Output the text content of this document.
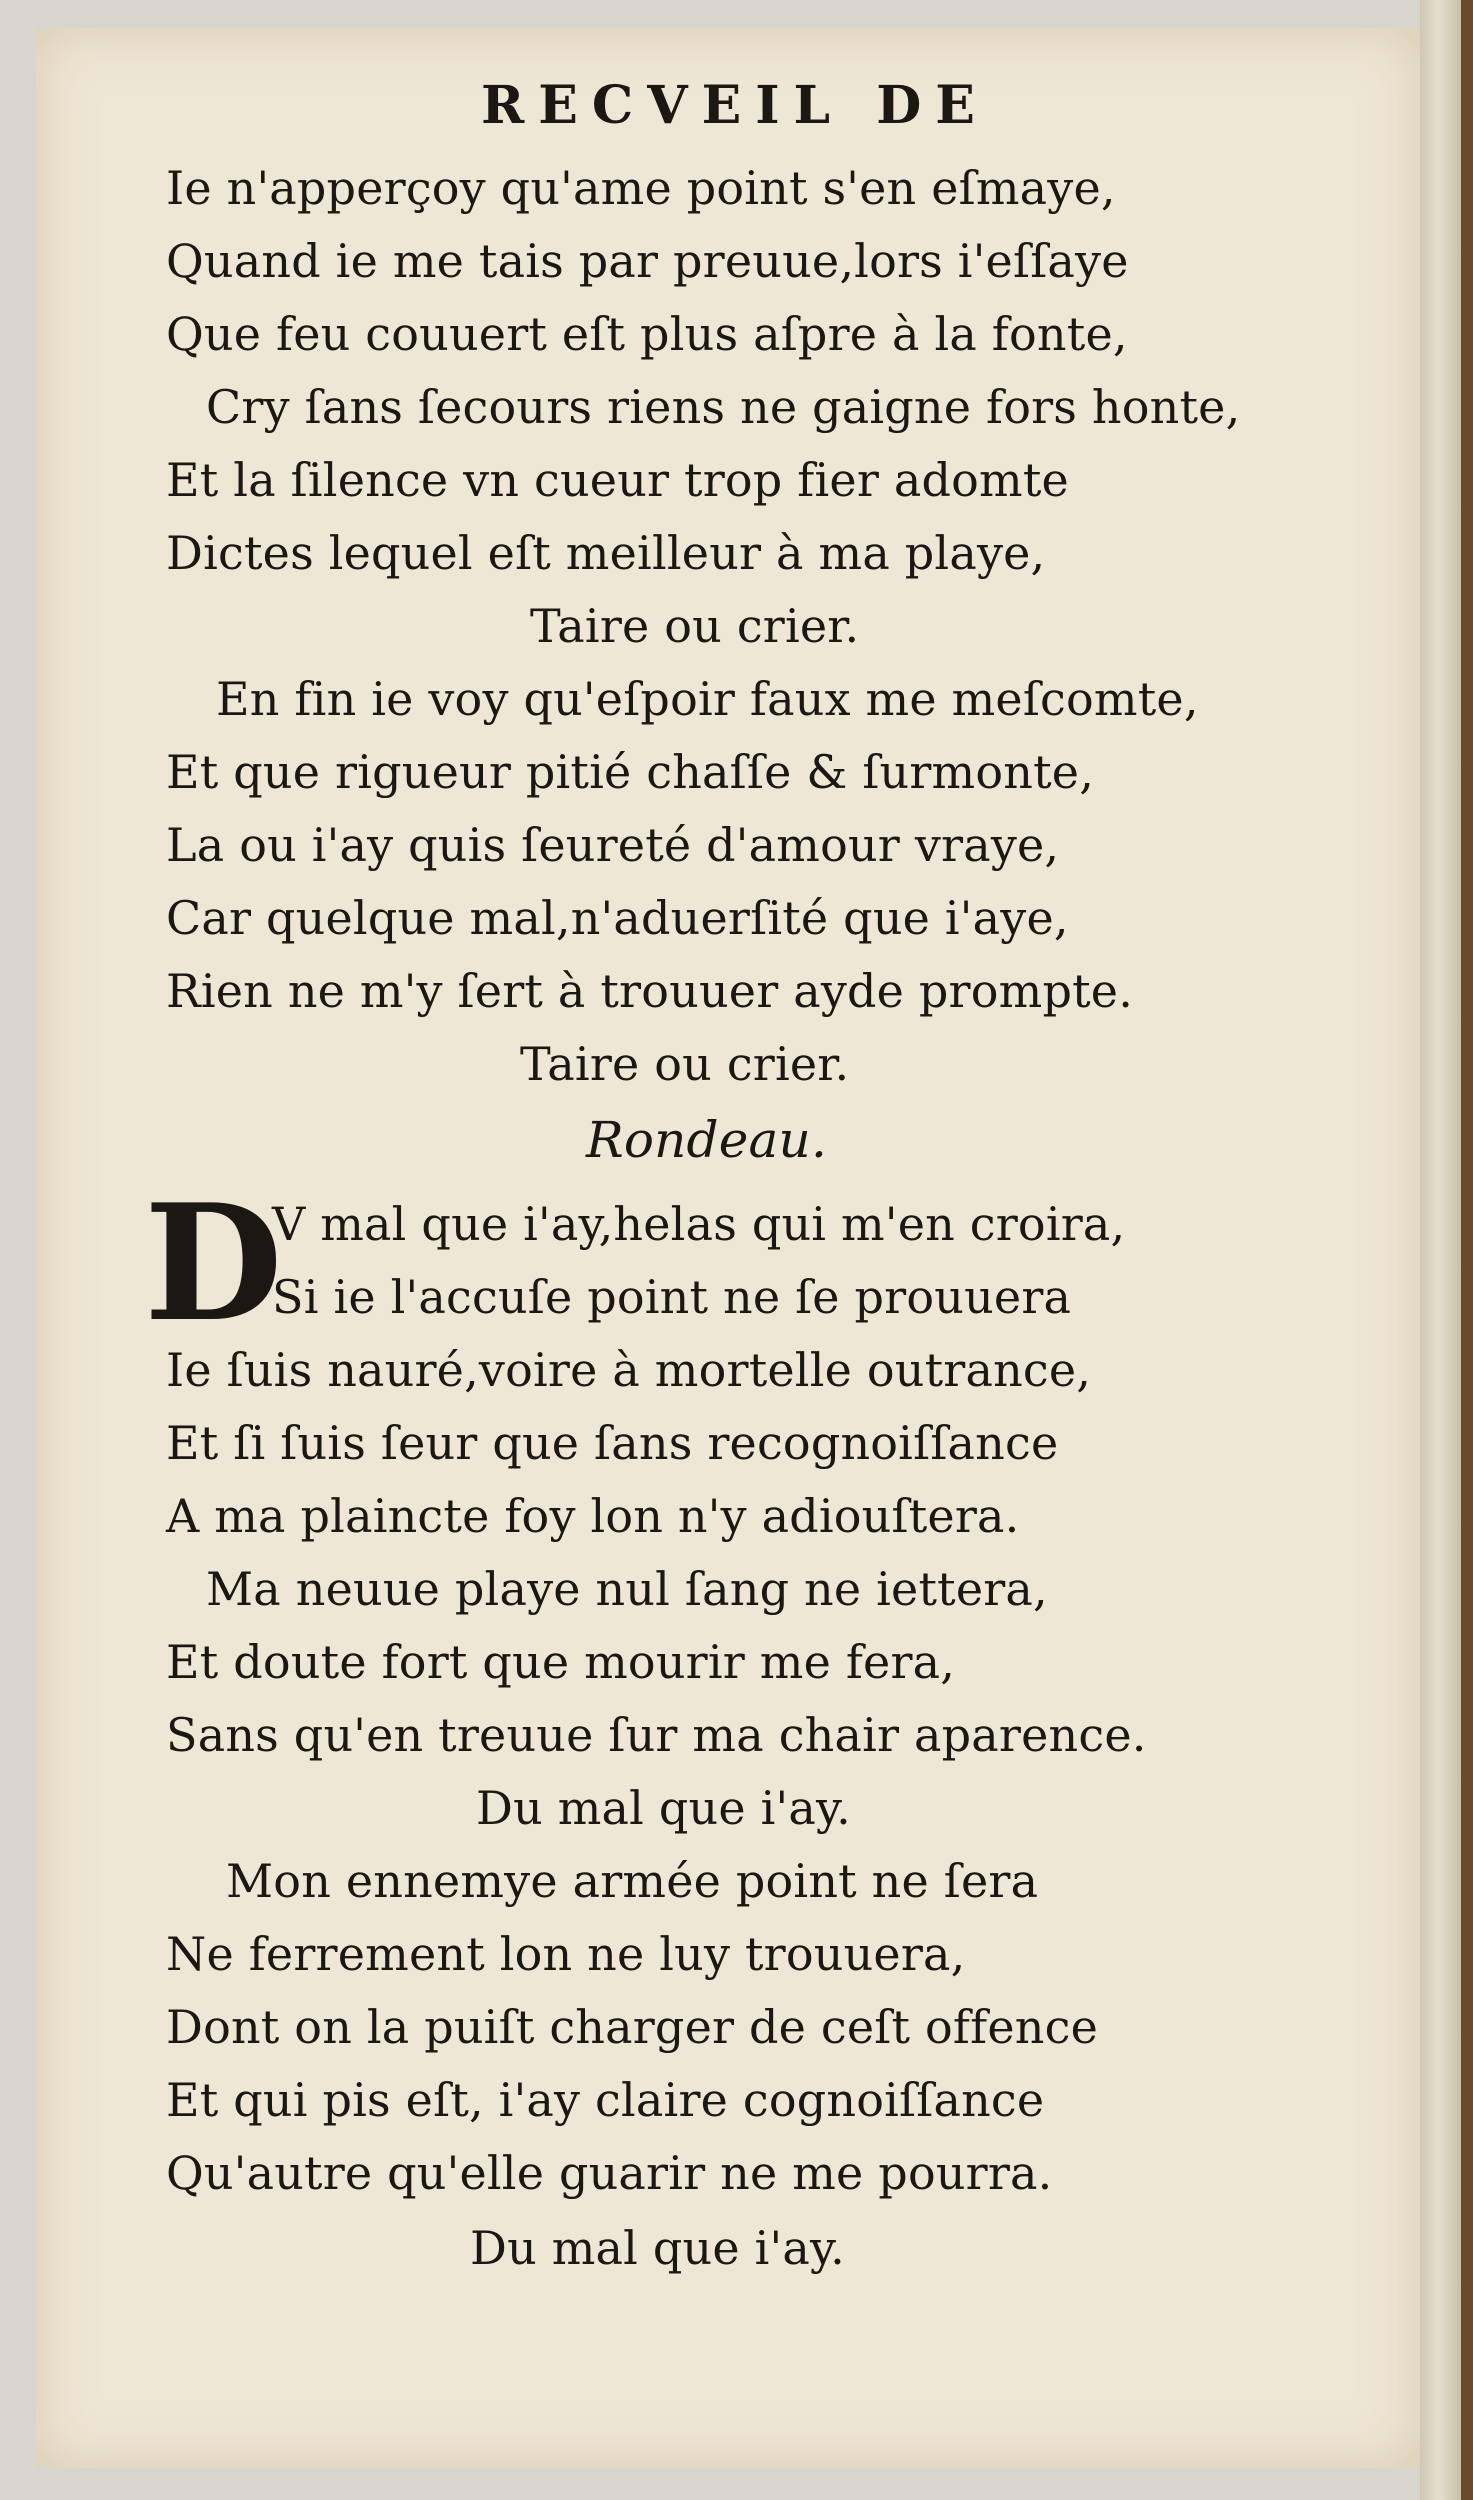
RECVEIL DE
Ie n'apperçoy qu'ame point s'en eſmaye,
Quand ie me tais par preuue,lors i'eſſaye
Que feu couuert eſt plus aſpre à la fonte,
Cry ſans ſecours riens ne gaigne fors honte,
Et la ſilence vn cueur trop fier adomte
Dictes lequel eſt meilleur à ma playe,
Taire ou crier.
En fin ie voy qu'eſpoir faux me meſcomte,
Et que rigueur pitié chaſſe & ſurmonte,
La ou i'ay quis ſeureté d'amour vraye,
Car quelque mal,n'aduerſité que i'aye,
Rien ne m'y ſert à trouuer ayde prompte.
Taire ou crier.
Rondeau.
D
V mal que i'ay,helas qui m'en croira,
Si ie l'accuſe point ne ſe prouuera
Ie ſuis nauré,voire à mortelle outrance,
Et ſi ſuis ſeur que ſans recognoiſſance
A ma plaincte foy lon n'y adiouſtera.
Ma neuue playe nul ſang ne iettera,
Et doute fort que mourir me fera,
Sans qu'en treuue ſur ma chair aparence.
Du mal que i'ay.
Mon ennemye armée point ne ſera
Ne ferrement lon ne luy trouuera,
Dont on la puiſt charger de ceſt offence
Et qui pis eſt, i'ay claire cognoiſſance
Qu'autre qu'elle guarir ne me pourra.
Du mal que i'ay.
